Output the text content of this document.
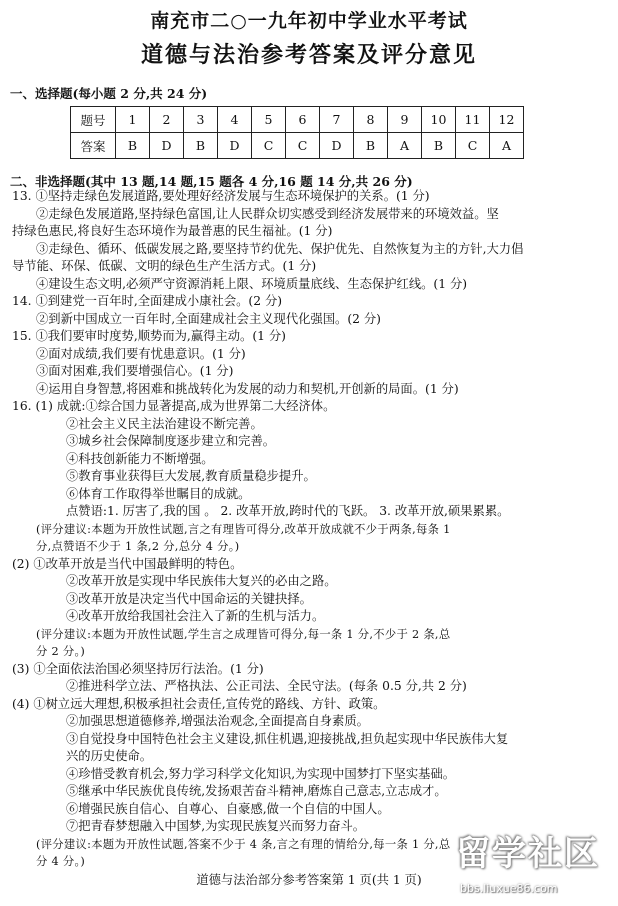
南充市二○一九年初中学业水平考试
道德与法治参考答案及评分意见
一、选择题(每小题 2 分,共 24 分)
题号	1	2	3	4	5	6	7	8	9	10	11	12
答案	B	D	B	D	C	C	D	B	A	B	C	A
二、非选择题(其中 13 题,14 题,15 题各 4 分,16 题 14 分,共 26 分)
13. ①坚持走绿色发展道路,要处理好经济发展与生态环境保护的关系。(1 分)
②走绿色发展道路,坚持绿色富国,让人民群众切实感受到经济发展带来的环境效益。坚
持绿色惠民,将良好生态环境作为最普惠的民生福祉。(1 分)
③走绿色、循环、低碳发展之路,要坚持节约优先、保护优先、自然恢复为主的方针,大力倡
导节能、环保、低碳、文明的绿色生产生活方式。(1 分)
④建设生态文明,必须严守资源消耗上限、环境质量底线、生态保护红线。(1 分)
14. ①到建党一百年时,全面建成小康社会。(2 分)
②到新中国成立一百年时,全面建成社会主义现代化强国。(2 分)
15. ①我们要审时度势,顺势而为,赢得主动。(1 分)
②面对成绩,我们要有忧患意识。(1 分)
③面对困难,我们要增强信心。(1 分)
④运用自身智慧,将困难和挑战转化为发展的动力和契机,开创新的局面。(1 分)
16. (1) 成就:①综合国力显著提高,成为世界第二大经济体。
②社会主义民主法治建设不断完善。
③城乡社会保障制度逐步建立和完善。
④科技创新能力不断增强。
⑤教育事业获得巨大发展,教育质量稳步提升。
⑥体育工作取得举世瞩目的成就。
点赞语:1. 厉害了,我的国 。 2. 改革开放,跨时代的飞跃。 3. 改革开放,硕果累累。
(评分建议:本题为开放性试题,言之有理皆可得分,改革开放成就不少于两条,每条 1
分,点赞语不少于 1 条,2 分,总分 4 分。)
(2) ①改革开放是当代中国最鲜明的特色。
②改革开放是实现中华民族伟大复兴的必由之路。
③改革开放是决定当代中国命运的关键抉择。
④改革开放给我国社会注入了新的生机与活力。
(评分建议:本题为开放性试题,学生言之成理皆可得分,每一条 1 分,不少于 2 条,总
分 2 分。)
(3) ①全面依法治国必须坚持厉行法治。(1 分)
②推进科学立法、严格执法、公正司法、全民守法。(每条 0.5 分,共 2 分)
(4) ①树立远大理想,积极承担社会责任,宣传党的路线、方针、政策。
②加强思想道德修养,增强法治观念,全面提高自身素质。
③自觉投身中国特色社会主义建设,抓住机遇,迎接挑战,担负起实现中华民族伟大复
兴的历史使命。
④珍惜受教育机会,努力学习科学文化知识,为实现中国梦打下坚实基础。
⑤继承中华民族优良传统,发扬艰苦奋斗精神,磨炼自己意志,立志成才。
⑥增强民族自信心、自尊心、自豪感,做一个自信的中国人。
⑦把青春梦想融入中国梦,为实现民族复兴而努力奋斗。
(评分建议:本题为开放性试题,答案不少于 4 条,言之有理的情给分,每一条 1 分,总
分 4 分。)
道德与法治部分参考答案第 1 页(共 1 页)
留学社区
bbs.liuxue86.com
